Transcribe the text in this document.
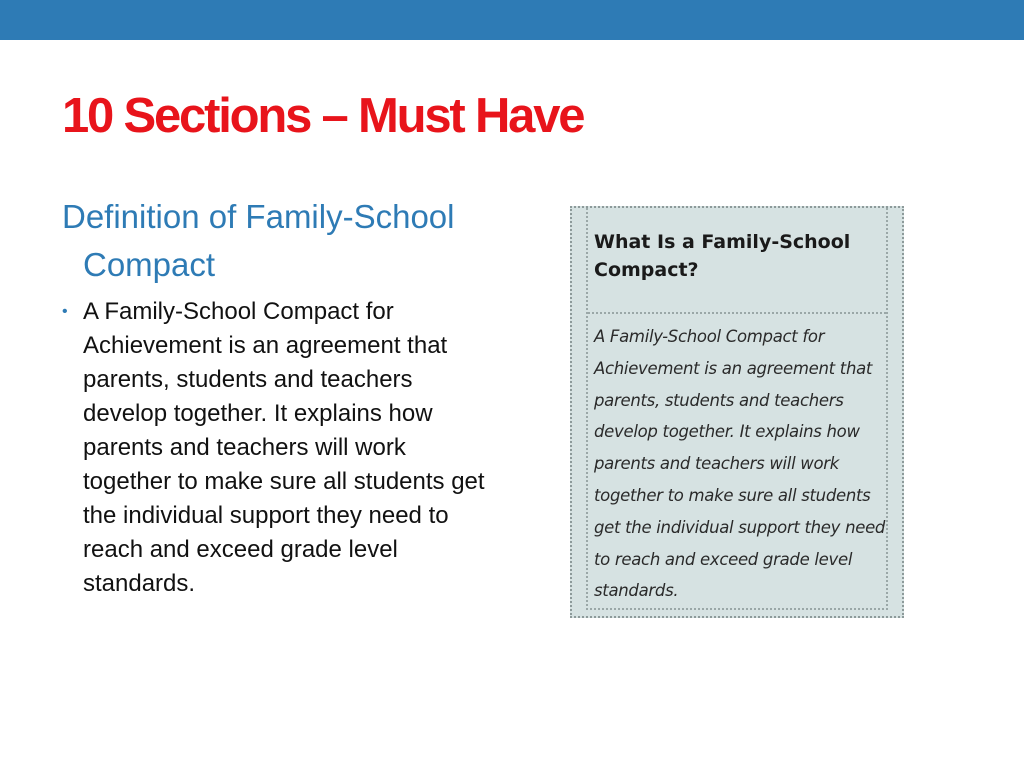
10 Sections – Must Have

Definition of Family-School Compact

• A Family-School Compact for Achievement is an agreement that parents, students and teachers develop together. It explains how parents and teachers will work together to make sure all students get the individual support they need to reach and exceed grade level standards.

What Is a Family-School Compact?

A Family-School Compact for Achievement is an agreement that parents, students and teachers develop together. It explains how parents and teachers will work together to make sure all students get the individual support they need to reach and exceed grade level standards.
